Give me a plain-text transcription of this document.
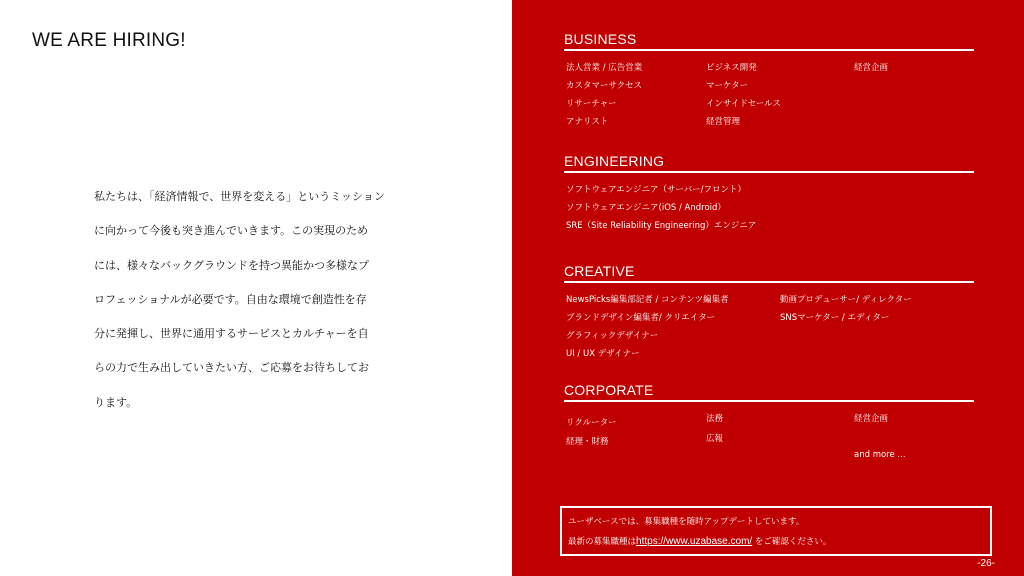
WE ARE HIRING!
私たちは、「経済情報で、世界を変える」というミッション
に向かって今後も突き進んでいきます。この実現のため
には、様々なバックグラウンドを持つ異能かつ多様なプ
ロフェッショナルが必要です。自由な環境で創造性を存
分に発揮し、世界に通用するサービスとカルチャーを自
らの力で生み出していきたい方、ご応募をお待ちしてお
ります。
BUSINESS
法人営業 / 広告営業
カスタマーサクセス
リサーチャー
アナリスト
ビジネス開発
マーケター
インサイドセールス
経営管理
経営企画
ENGINEERING
ソフトウェアエンジニア（サーバー/フロント）
ソフトウェアエンジニア(iOS / Android）
SRE（Site Reliability Engineering）エンジニア
CREATIVE
NewsPicks編集部記者 / コンテンツ編集者
ブランドデザイン編集者/ クリエイター
グラフィックデザイナー
UI / UX デザイナー
動画プロデューサー/ ディレクター
SNSマーケター / エディター
CORPORATE
リクルーター
経理・財務
法務
広報
経営企画
and more ...
ユーザベースでは、募集職種を随時アップデートしています。
最新の募集職種はhttps://www.uzabase.com/ をご確認ください。
-26-
